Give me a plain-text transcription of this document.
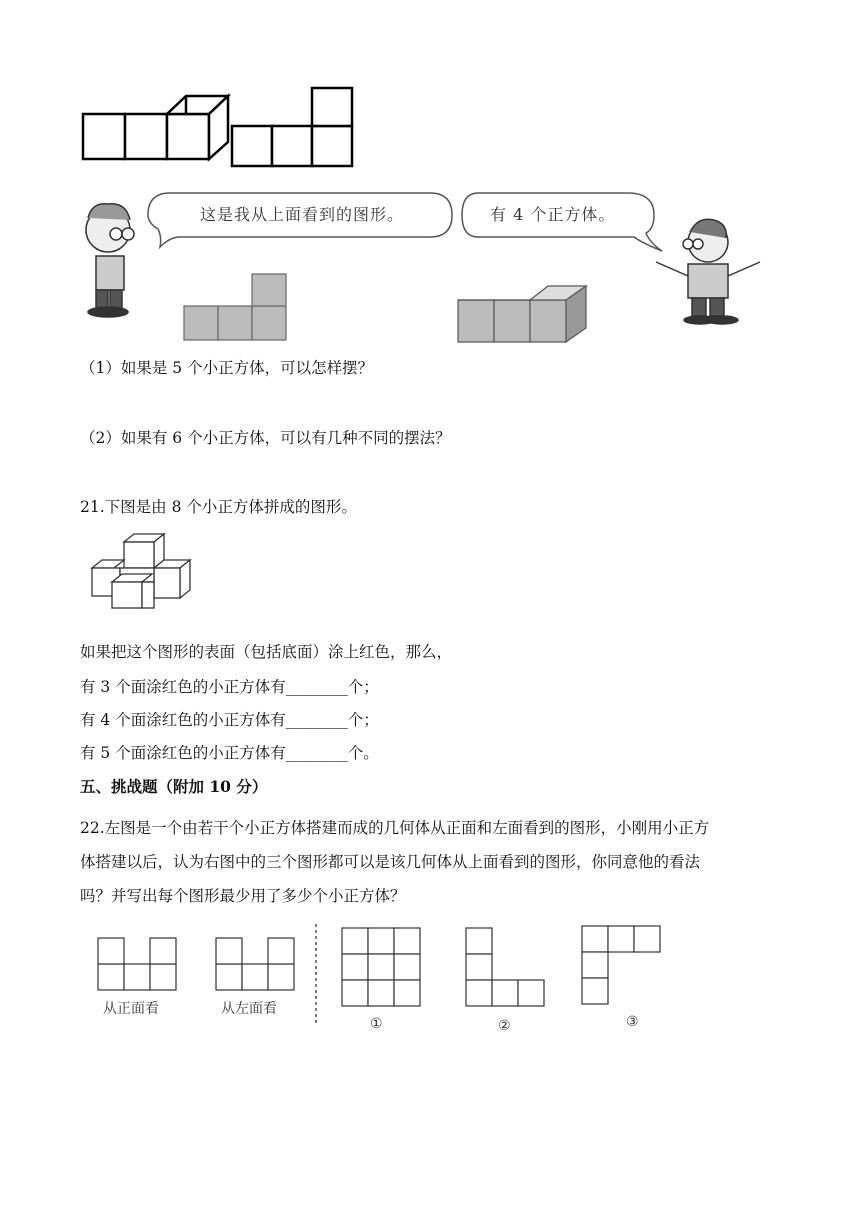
这是我从上面看到的图形。	有 4 个正方体。
（1）如果是 5 个小正方体，可以怎样摆？
（2）如果有 6 个小正方体，可以有几种不同的摆法？
21.下图是由 8 个小正方体拼成的图形。
如果把这个图形的表面（包括底面）涂上红色，那么，
有 3 个面涂红色的小正方体有________个；
有 4 个面涂红色的小正方体有________个；
有 5 个面涂红色的小正方体有________个。
五、挑战题（附加 10 分）
22.左图是一个由若干个小正方体搭建而成的几何体从正面和左面看到的图形，小刚用小正方
体搭建以后，认为右图中的三个图形都可以是该几何体从上面看到的图形，你同意他的看法
吗？并写出每个图形最少用了多少个小正方体？
从正面看	从左面看
①	②	③
